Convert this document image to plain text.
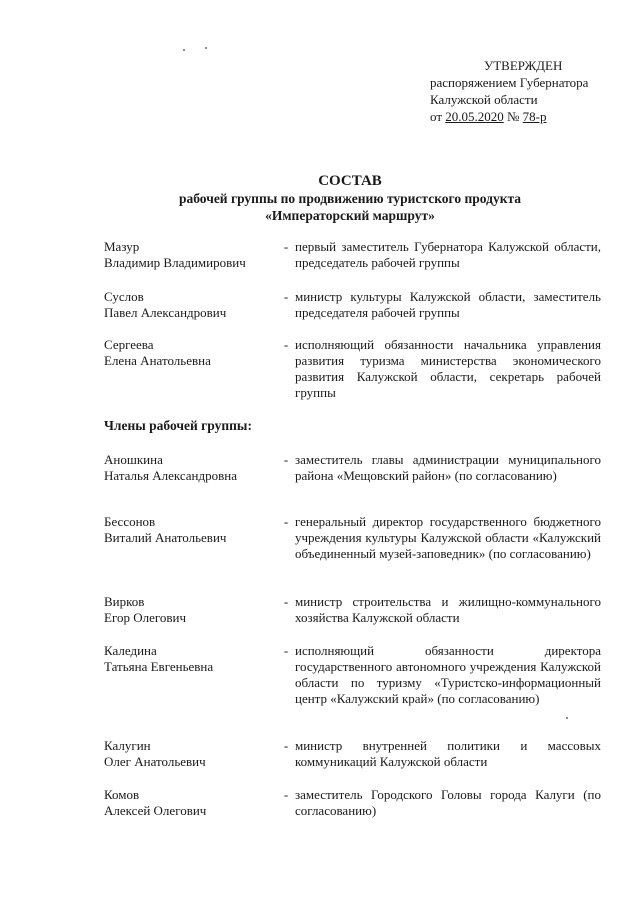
УТВЕРЖДЕН
распоряжением Губернатора
Калужской области
от 20.05.2020 № 78-р
СОСТАВ
рабочей группы по продвижению туристского продукта
«Императорский маршрут»
Мазур
Владимир Владимирович
- первый заместитель Губернатора Калужской области, председатель рабочей группы
Суслов
Павел Александрович
- министр культуры Калужской области, заместитель председателя рабочей группы
Сергеева
Елена Анатольевна
- исполняющий обязанности начальника управления развития туризма министерства экономического развития Калужской области, секретарь рабочей группы
Члены рабочей группы:
Аношкина
Наталья Александровна
- заместитель главы администрации муниципального района «Мещовский район» (по согласованию)
Бессонов
Виталий Анатольевич
- генеральный директор государственного бюджетного учреждения культуры Калужской области «Калужский объединенный музей-заповедник» (по согласованию)
Вирков
Егор Олегович
- министр строительства и жилищно-коммунального хозяйства Калужской области
Каледина
Татьяна Евгеньевна
- исполняющий обязанности директора государственного автономного учреждения Калужской области по туризму «Туристско-информационный центр «Калужский край» (по согласованию)
Калугин
Олег Анатольевич
- министр внутренней политики и массовых коммуникаций Калужской области
Комов
Алексей Олегович
- заместитель Городского Головы города Калуги (по согласованию)
